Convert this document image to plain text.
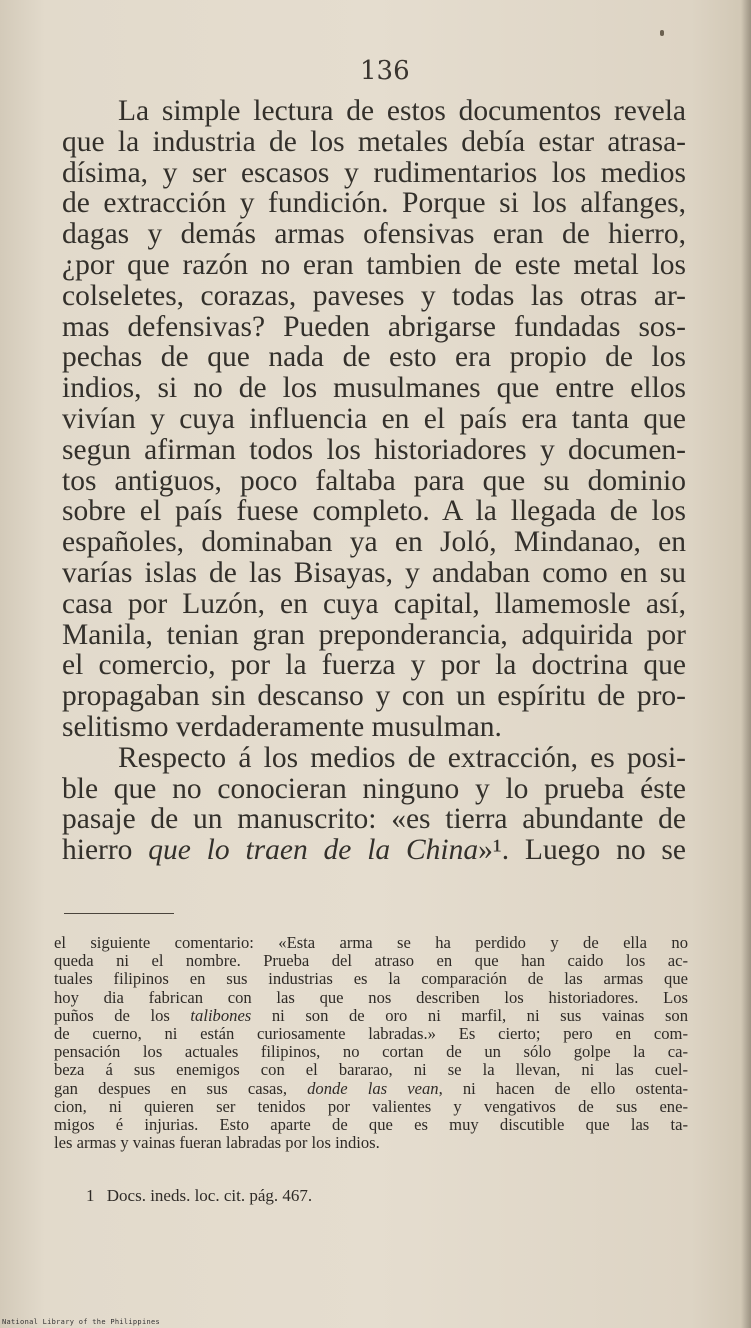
136
La simple lectura de estos documentos revela
que la industria de los metales debía estar atrasa-
dísima, y ser escasos y rudimentarios los medios
de extracción y fundición. Porque si los alfanges,
dagas y demás armas ofensivas eran de hierro,
¿por que razón no eran tambien de este metal los
colseletes, corazas, paveses y todas las otras ar-
mas defensivas? Pueden abrigarse fundadas sos-
pechas de que nada de esto era propio de los
indios, si no de los musulmanes que entre ellos
vivían y cuya influencia en el país era tanta que
segun afirman todos los historiadores y documen-
tos antiguos, poco faltaba para que su dominio
sobre el país fuese completo. A la llegada de los
españoles, dominaban ya en Joló, Mindanao, en
varías islas de las Bisayas, y andaban como en su
casa por Luzón, en cuya capital, llamemosle así,
Manila, tenian gran preponderancia, adquirida por
el comercio, por la fuerza y por la doctrina que
propagaban sin descanso y con un espíritu de pro-
selitismo verdaderamente musulman.
Respecto á los medios de extracción, es posi-
ble que no conocieran ninguno y lo prueba éste
pasaje de un manuscrito: «es tierra abundante de
hierro que lo traen de la China»¹. Luego no se
el siguiente comentario: «Esta arma se ha perdido y de ella no
queda ni el nombre. Prueba del atraso en que han caido los ac-
tuales filipinos en sus industrias es la comparación de las armas que
hoy dia fabrican con las que nos describen los historiadores. Los
puños de los talibones ni son de oro ni marfil, ni sus vainas son
de cuerno, ni están curiosamente labradas.» Es cierto; pero en com-
pensación los actuales filipinos, no cortan de un sólo golpe la ca-
beza á sus enemigos con el bararao, ni se la llevan, ni las cuel-
gan despues en sus casas, donde las vean, ni hacen de ello ostenta-
cion, ni quieren ser tenidos por valientes y vengativos de sus ene-
migos é injurias. Esto aparte de que es muy discutible que las ta-
les armas y vainas fueran labradas por los indios.
1 Docs. ineds. loc. cit. pág. 467.
National Library of the Philippines
